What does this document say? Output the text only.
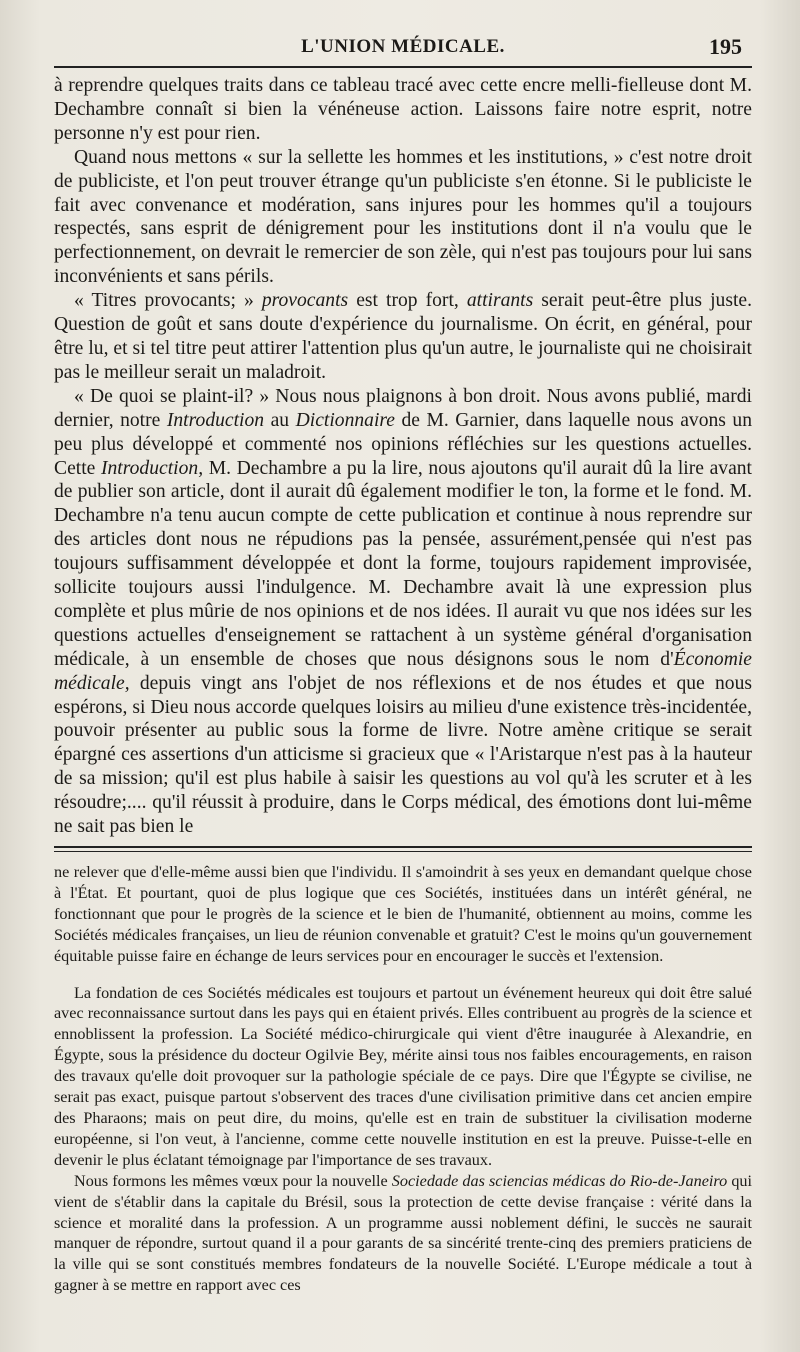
L'UNION MÉDICALE.	195

à reprendre quelques traits dans ce tableau tracé avec cette encre melli-fielleuse dont M. Dechambre connaît si bien la vénéneuse action. Laissons faire notre esprit, notre personne n'y est pour rien.

Quand nous mettons « sur la sellette les hommes et les institutions, » c'est notre droit de publiciste, et l'on peut trouver étrange qu'un publiciste s'en étonne. Si le publiciste le fait avec convenance et modération, sans injures pour les hommes qu'il a toujours respectés, sans esprit de dénigrement pour les institutions dont il n'a voulu que le perfectionnement, on devrait le remercier de son zèle, qui n'est pas toujours pour lui sans inconvénients et sans périls.

« Titres provocants; » provocants est trop fort, attirants serait peut-être plus juste. Question de goût et sans doute d'expérience du journalisme. On écrit, en général, pour être lu, et si tel titre peut attirer l'attention plus qu'un autre, le journaliste qui ne choisirait pas le meilleur serait un maladroit.

« De quoi se plaint-il? » Nous nous plaignons à bon droit. Nous avons publié, mardi dernier, notre Introduction au Dictionnaire de M. Garnier, dans laquelle nous avons un peu plus développé et commenté nos opinions réfléchies sur les questions actuelles. Cette Introduction, M. Dechambre a pu la lire, nous ajoutons qu'il aurait dû la lire avant de publier son article, dont il aurait dû également modifier le ton, la forme et le fond. M. Dechambre n'a tenu aucun compte de cette publication et continue à nous reprendre sur des articles dont nous ne répudions pas la pensée, assurément,pensée qui n'est pas toujours suffisamment développée et dont la forme, toujours rapidement improvisée, sollicite toujours aussi l'indulgence. M. Dechambre avait là une expression plus complète et plus mûrie de nos opinions et de nos idées. Il aurait vu que nos idées sur les questions actuelles d'enseignement se rattachent à un système général d'organisation médicale, à un ensemble de choses que nous désignons sous le nom d'Économie médicale, depuis vingt ans l'objet de nos réflexions et de nos études et que nous espérons, si Dieu nous accorde quelques loisirs au milieu d'une existence très-incidentée, pouvoir présenter au public sous la forme de livre. Notre amène critique se serait épargné ces assertions d'un atticisme si gracieux que « l'Aristarque n'est pas à la hauteur de sa mission; qu'il est plus habile à saisir les questions au vol qu'à les scruter et à les résoudre;.... qu'il réussit à produire, dans le Corps médical, des émotions dont lui-même ne sait pas bien le

ne relever que d'elle-même aussi bien que l'individu. Il s'amoindrit à ses yeux en demandant quelque chose à l'État. Et pourtant, quoi de plus logique que ces Sociétés, instituées dans un intérêt général, ne fonctionnant que pour le progrès de la science et le bien de l'humanité, obtiennent au moins, comme les Sociétés médicales françaises, un lieu de réunion convenable et gratuit? C'est le moins qu'un gouvernement équitable puisse faire en échange de leurs services pour en encourager le succès et l'extension.

La fondation de ces Sociétés médicales est toujours et partout un événement heureux qui doit être salué avec reconnaissance surtout dans les pays qui en étaient privés. Elles contribuent au progrès de la science et ennoblissent la profession. La Société médico-chirurgicale qui vient d'être inaugurée à Alexandrie, en Égypte, sous la présidence du docteur Ogilvie Bey, mérite ainsi tous nos faibles encouragements, en raison des travaux qu'elle doit provoquer sur la pathologie spéciale de ce pays. Dire que l'Égypte se civilise, ne serait pas exact, puisque partout s'observent des traces d'une civilisation primitive dans cet ancien empire des Pharaons; mais on peut dire, du moins, qu'elle est en train de substituer la civilisation moderne européenne, si l'on veut, à l'ancienne, comme cette nouvelle institution en est la preuve. Puisse-t-elle en devenir le plus éclatant témoignage par l'importance de ses travaux.

Nous formons les mêmes vœux pour la nouvelle Sociedade das sciencias médicas do Rio-de-Janeiro qui vient de s'établir dans la capitale du Brésil, sous la protection de cette devise française : vérité dans la science et moralité dans la profession. A un programme aussi noblement défini, le succès ne saurait manquer de répondre, surtout quand il a pour garants de sa sincérité trente-cinq des premiers praticiens de la ville qui se sont constitués membres fondateurs de la nouvelle Société. L'Europe médicale a tout à gagner à se mettre en rapport avec ces
